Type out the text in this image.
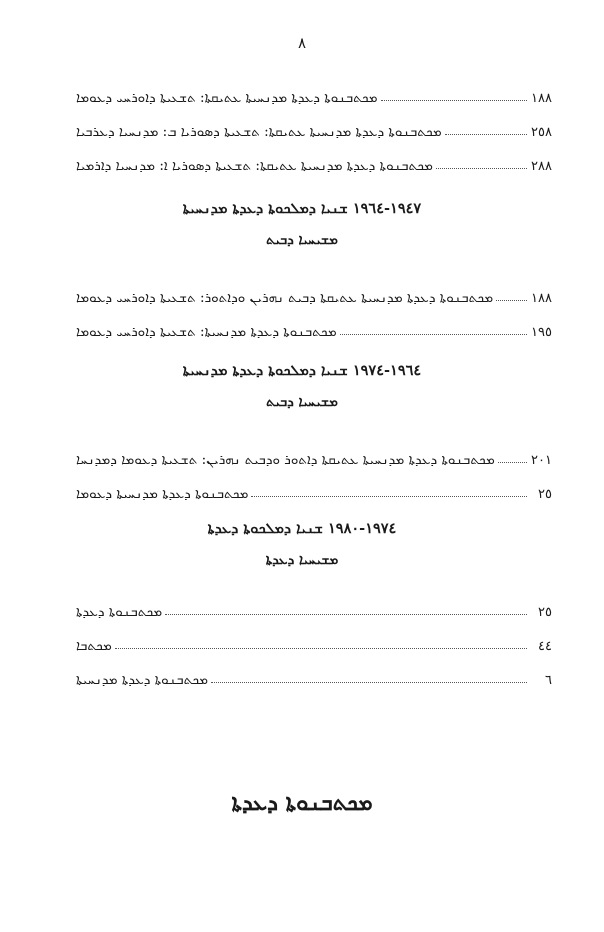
٨
ܡܟܬܒܢܘܬܐ ܕܥܕܬܐ ܡܕܢܚܝܬܐ ܥܬܝܩܬܐ: ܬܫܥܝܬܐ ܕܐܘܪܚܝ ܕܥܘܡܐ	١٨٨
ܡܟܬܒܢܘܬܐ ܕܥܕܬܐ ܡܕܢܚܝܬܐ ܥܬܝܩܬܐ: ܬܫܥܝܬܐ ܕܣܘܪܝܐ ܒ: ܡܕܢܚܝܐ ܕܥܪܒܝܐ	٢٥٨
ܡܟܬܒܢܘܬܐ ܕܥܕܬܐ ܡܕܢܚܝܬܐ ܥܬܝܩܬܐ: ܬܫܥܝܬܐ ܕܣܘܪܝܐ ܐ: ܡܕܢܚܝܐ ܕܐܪܡܝܐ	٢٨٨
١٩٤٧-١٩٦٤ ܫܢܝܐ ܕܡܠܟܘܬܐ ܕܥܕܬܐ ܡܕܢܚܝܬܐ
ܡܫܝܚܝܐ ܕܒܝܬ
ܡܟܬܒܢܘܬܐ ܕܥܕܬܐ ܡܕܢܚܝܬܐ ܥܬܝܩܬܐ ܕܒܝܬ ܢܗܪܝܢ ܘܕܐܬܘܪ: ܬܫܥܝܬܐ ܕܐܘܪܚܝ ܕܥܘܡܐ	١٨٨
ܡܟܬܒܢܘܬܐ ܕܥܕܬܐ ܡܕܢܚܝܬܐ: ܬܫܥܝܬܐ ܕܐܘܪܚܝ ܕܥܘܡܐ	١٩٥
١٩٦٤-١٩٧٤ ܫܢܝܐ ܕܡܠܟܘܬܐ ܕܥܕܬܐ ܡܕܢܚܝܬܐ
ܡܫܝܚܝܐ ܕܒܝܬ
ܡܟܬܒܢܘܬܐ ܕܥܕܬܐ ܡܕܢܚܝܬܐ ܥܬܝܩܬܐ ܕܐܬܘܪ ܘܕܒܝܬ ܢܗܪܝܢ: ܬܫܥܝܬܐ ܕܥܘܡܐ ܕܡܕܢܚܐ	٢٠١
ܡܟܬܒܢܘܬܐ ܕܥܕܬܐ ܡܕܢܚܝܬܐ ܕܥܘܡܐ	٢٥
١٩٧٤-١٩٨٠ ܫܢܝܐ ܕܡܠܟܘܬܐ ܕܥܕܬܐ
ܡܫܝܚܝܐ ܕܥܕܬܐ
ܡܟܬܒܢܘܬܐ ܕܥܕܬܐ	٢٥
ܡܟܬܒܐ	٤٤
ܡܟܬܒܢܘܬܐ ܕܥܕܬܐ ܡܕܢܚܝܬܐ	٦
ܡܟܬܒܢܘܬܐ ܕܥܕܬܐ
